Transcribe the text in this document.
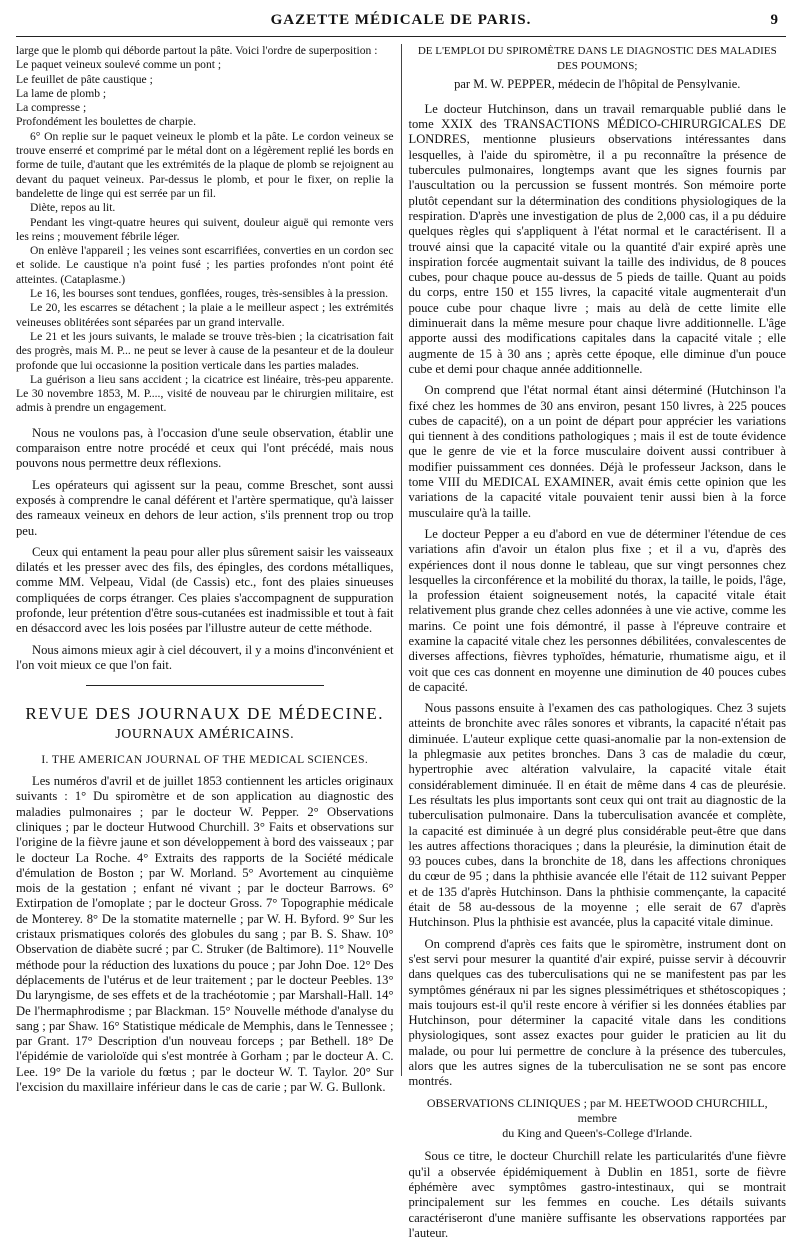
GAZETTE MÉDICALE DE PARIS.	9

large que le plomb qui déborde partout la pâte. Voici l'ordre de superposition :

Le paquet veineux soulevé comme un pont ;

Le feuillet de pâte caustique ;

La lame de plomb ;

La compresse ;

Profondément les boulettes de charpie.

6° On replie sur le paquet veineux le plomb et la pâte. Le cordon veineux se trouve enserré et comprimé par le métal dont on a légèrement replié les bords en forme de tuile, d'autant que les extrémités de la plaque de plomb se rejoignent au devant du paquet veineux. Par-dessus le plomb, et pour le fixer, on replie la bandelette de linge qui est serrée par un fil.

Diète, repos au lit.

Pendant les vingt-quatre heures qui suivent, douleur aiguë qui remonte vers les reins ; mouvement fébrile léger.

On enlève l'appareil ; les veines sont escarrifiées, converties en un cordon sec et solide. Le caustique n'a point fusé ; les parties profondes n'ont point été atteintes. (Cataplasme.)

Le 16, les bourses sont tendues, gonflées, rouges, très-sensibles à la pression.

Le 20, les escarres se détachent ; la plaie a le meilleur aspect ; les extrémités veineuses oblitérées sont séparées par un grand intervalle.

Le 21 et les jours suivants, le malade se trouve très-bien ; la cicatrisation fait des progrès, mais M. P... ne peut se lever à cause de la pesanteur et de la douleur profonde que lui occasionne la position verticale dans les parties malades.

La guérison a lieu sans accident ; la cicatrice est linéaire, très-peu apparente. Le 30 novembre 1853, M. P...., visité de nouveau par le chirurgien militaire, est admis à prendre un engagement.

Nous ne voulons pas, à l'occasion d'une seule observation, établir une comparaison entre notre procédé et ceux qui l'ont précédé, mais nous pouvons nous permettre deux réflexions.

Les opérateurs qui agissent sur la peau, comme Breschet, sont aussi exposés à comprendre le canal déférent et l'artère spermatique, qu'à laisser des rameaux veineux en dehors de leur action, s'ils prennent trop ou trop peu.

Ceux qui entament la peau pour aller plus sûrement saisir les vaisseaux dilatés et les presser avec des fils, des épingles, des cordons métalliques, comme MM. Velpeau, Vidal (de Cassis) etc., font des plaies sinueuses compliquées de corps étranger. Ces plaies s'accompagnent de suppuration profonde, leur prétention d'être sous-cutanées est inadmissible et tout à fait en désaccord avec les lois posées par l'illustre auteur de cette méthode.

Nous aimons mieux agir à ciel découvert, il y a moins d'inconvénient et l'on voit mieux ce que l'on fait.

REVUE DES JOURNAUX DE MÉDECINE.
JOURNAUX AMÉRICAINS.
I. THE AMERICAN JOURNAL OF THE MEDICAL SCIENCES.

Les numéros d'avril et de juillet 1853 contiennent les articles originaux suivants : 1° Du spiromètre et de son application au diagnostic des maladies pulmonaires ; par le docteur W. Pepper. 2° Observations cliniques ; par le docteur Hutwood Churchill. 3° Faits et observations sur l'origine de la fièvre jaune et son développement à bord des vaisseaux ; par le docteur La Roche. 4° Extraits des rapports de la Société médicale d'émulation de Boston ; par W. Morland. 5° Avortement au cinquième mois de la gestation ; enfant né vivant ; par le docteur Barrows. 6° Extirpation de l'omoplate ; par le docteur Gross. 7° Topographie médicale de Monterey. 8° De la stomatite maternelle ; par W. H. Byford. 9° Sur les cristaux prismatiques colorés des globules du sang ; par B. S. Shaw. 10° Observation de diabète sucré ; par C. Struker (de Baltimore). 11° Nouvelle méthode pour la réduction des luxations du pouce ; par John Doe. 12° Des déplacements de l'utérus et de leur traitement ; par le docteur Peebles. 13° Du laryngisme, de ses effets et de la trachéotomie ; par Marshall-Hall. 14° De l'hermaphrodisme ; par Blackman. 15° Nouvelle méthode d'analyse du sang ; par Shaw. 16° Statistique médicale de Memphis, dans le Tennessee ; par Grant. 17° Description d'un nouveau forceps ; par Bethell. 18° De l'épidémie de varioloïde qui s'est montrée à Gorham ; par le docteur A. C. Lee. 19° De la variole du fœtus ; par le docteur W. T. Taylor. 20° Sur l'excision du maxillaire inférieur dans le cas de carie ; par W. G. Bullonk.

DE L'EMPLOI DU SPIROMÈTRE DANS LE DIAGNOSTIC DES MALADIES DES POUMONS;
par M. W. PEPPER, médecin de l'hôpital de Pensylvanie.

Le docteur Hutchinson, dans un travail remarquable publié dans le tome XXIX des TRANSACTIONS MÉDICO-CHIRURGICALES DE LONDRES, mentionne plusieurs observations intéressantes dans lesquelles, à l'aide du spiromètre, il a pu reconnaître la présence de tubercules pulmonaires, longtemps avant que les signes fournis par l'auscultation ou la percussion se fussent montrés. Son mémoire porte plutôt cependant sur la détermination des conditions physiologiques de la respiration. D'après une investigation de plus de 2,000 cas, il a pu déduire quelques règles qui s'appliquent à l'état normal et le caractérisent. Il a trouvé ainsi que la capacité vitale ou la quantité d'air expiré après une inspiration forcée augmentait suivant la taille des individus, de 8 pouces cubes, pour chaque pouce au-dessus de 5 pieds de taille. Quant au poids du corps, entre 150 et 155 livres, la capacité vitale augmenterait d'un pouce cube pour chaque livre ; mais au delà de cette limite elle diminuerait dans la même mesure pour chaque livre additionnelle. L'âge apporte aussi des modifications capitales dans la capacité vitale ; elle augmente de 15 à 30 ans ; après cette époque, elle diminue d'un pouce cube et demi pour chaque année additionnelle.

On comprend que l'état normal étant ainsi déterminé (Hutchinson l'a fixé chez les hommes de 30 ans environ, pesant 150 livres, à 225 pouces cubes de capacité), on a un point de départ pour apprécier les variations qui tiennent à des conditions pathologiques ; mais il est de toute évidence que le genre de vie et la force musculaire doivent aussi contribuer à modifier puissamment ces données. Déjà le professeur Jackson, dans le tome VIII du MEDICAL EXAMINER, avait émis cette opinion que les variations de la capacité vitale pouvaient tenir aussi bien à la force musculaire qu'à la taille.

Le docteur Pepper a eu d'abord en vue de déterminer l'étendue de ces variations afin d'avoir un étalon plus fixe ; et il a vu, d'après des expériences dont il nous donne le tableau, que sur vingt personnes chez lesquelles la circonférence et la mobilité du thorax, la taille, le poids, l'âge, la profession étaient soigneusement notés, la capacité vitale était relativement plus grande chez celles adonnées à une vie active, comme les marins. Ce point une fois démontré, il passe à l'épreuve contraire et examine la capacité vitale chez les personnes débilitées, convalescentes de diverses affections, fièvres typhoïdes, hématurie, rhumatisme aigu, et il voit que ces cas donnent en moyenne une diminution de 40 pouces cubes de capacité.

Nous passons ensuite à l'examen des cas pathologiques. Chez 3 sujets atteints de bronchite avec râles sonores et vibrants, la capacité n'était pas diminuée. L'auteur explique cette quasi-anomalie par la non-extension de la phlegmasie aux petites bronches. Dans 3 cas de maladie du cœur, hypertrophie avec altération valvulaire, la capacité vitale était considérablement diminuée. Il en était de même dans 4 cas de pleurésie. Les résultats les plus importants sont ceux qui ont trait au diagnostic de la tuberculisation pulmonaire. Dans la tuberculisation avancée et complète, la capacité est diminuée à un degré plus considérable peut-être que dans les autres affections thoraciques ; dans la pleurésie, la diminution était de 93 pouces cubes, dans la bronchite de 18, dans les affections chroniques du cœur de 95 ; dans la phthisie avancée elle l'était de 112 suivant Pepper et de 135 d'après Hutchinson. Dans la phthisie commençante, la capacité était de 58 au-dessous de la moyenne ; elle serait de 67 d'après Hutchinson. Plus la phthisie est avancée, plus la capacité vitale diminue.

On comprend d'après ces faits que le spiromètre, instrument dont on s'est servi pour mesurer la quantité d'air expiré, puisse servir à découvrir dans quelques cas des tuberculisations qui ne se manifestent pas par les symptômes généraux ni par les signes plessimétriques et sthétoscopiques ; mais toujours est-il qu'il reste encore à vérifier si les données établies par Hutchinson, pour déterminer la capacité vitale dans les conditions physiologiques, sont assez exactes pour guider le praticien au lit du malade, ou pour lui permettre de conclure à la présence des tubercules, alors que les autres signes de la tuberculisation ne se sont pas encore montrés.

OBSERVATIONS CLINIQUES ; par M. HEETWOOD CHURCHILL, membre
du King and Queen's-College d'Irlande.

Sous ce titre, le docteur Churchill relate les particularités d'une fièvre qu'il a observée épidémiquement à Dublin en 1851, sorte de fièvre éphémère avec symptômes gastro-intestinaux, qui se montrait principalement sur les femmes en couche. Les détails suivants caractériseront d'une manière suffisante les observations rapportées par l'auteur.
